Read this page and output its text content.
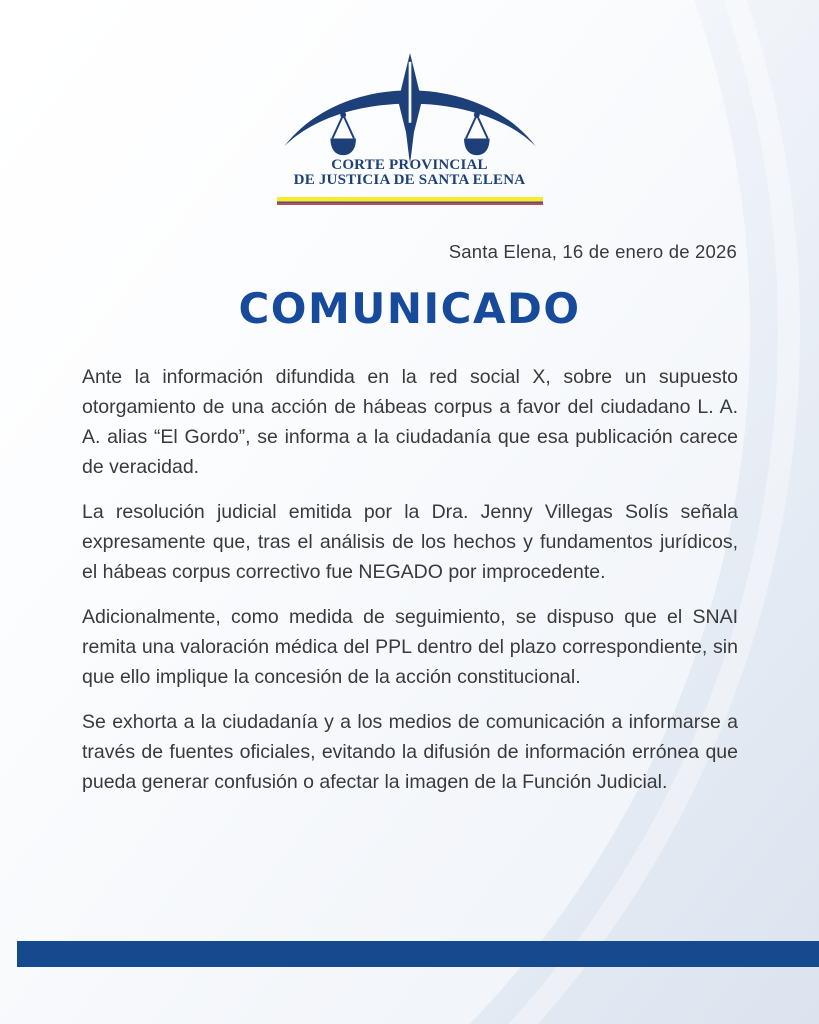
CORTE PROVINCIAL
DE JUSTICIA DE SANTA ELENA
Santa Elena, 16 de enero de 2026
COMUNICADO

Ante la información difundida en la red social X, sobre un supuesto otorgamiento de una acción de hábeas corpus a favor del ciudadano L. A. A. alias “El Gordo”, se informa a la ciudadanía que esa publicación carece de veracidad.

La resolución judicial emitida por la Dra. Jenny Villegas Solís señala expresamente que, tras el análisis de los hechos y fundamentos jurídicos, el hábeas corpus correctivo fue NEGADO por improcedente.

Adicionalmente, como medida de seguimiento, se dispuso que el SNAI remita una valoración médica del PPL dentro del plazo correspondiente, sin que ello implique la concesión de la acción constitucional.

Se exhorta a la ciudadanía y a los medios de comunicación a informarse a través de fuentes oficiales, evitando la difusión de información errónea que pueda generar confusión o afectar la imagen de la Función Judicial.
